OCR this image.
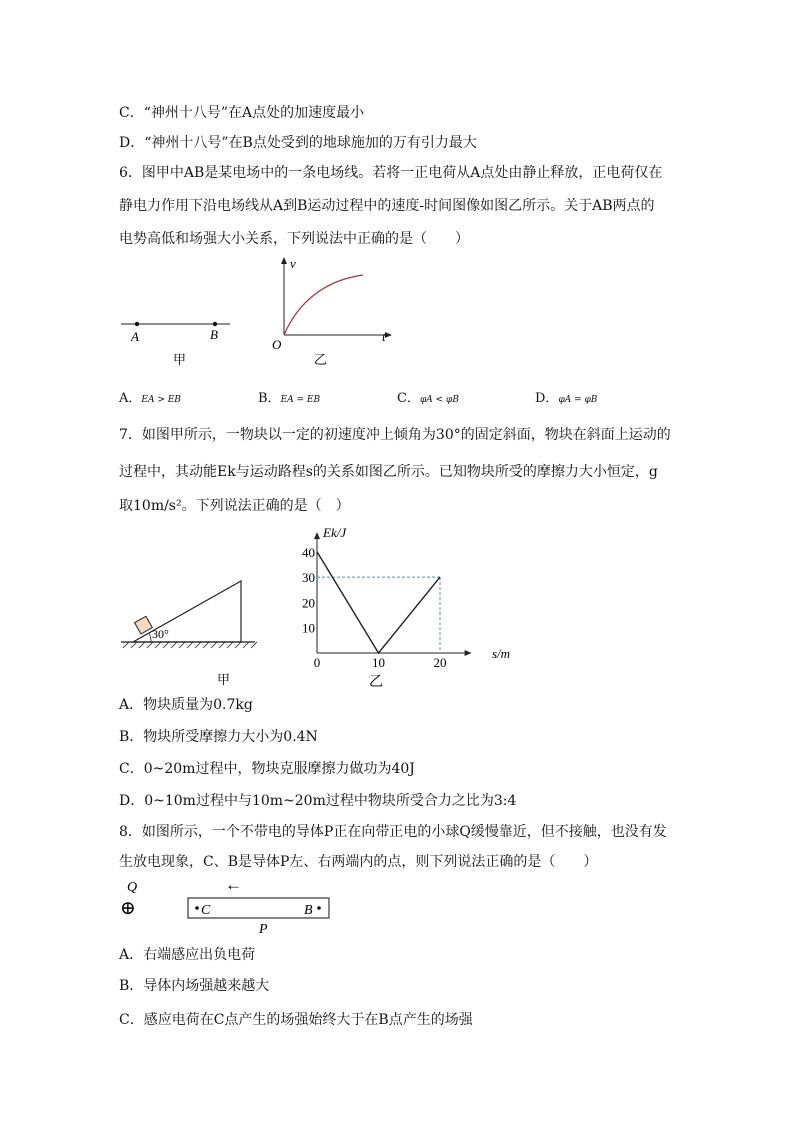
C．“神州十八号”在A点处的加速度最小
D．“神州十八号”在B点处受到的地球施加的万有引力最大
6．图甲中AB是某电场中的一条电场线。若将一正电荷从A点处由静止释放，正电荷仅在
静电力作用下沿电场线从A到B运动过程中的速度-时间图像如图乙所示。关于AB两点的
电势高低和场强大小关系，下列说法中正确的是（　　）
A	B
甲
v
t
O
乙
A．EA > EB	B．EA = EB	C．φA < φB	D．φA = φB
7．如图甲所示，一物块以一定的初速度冲上倾角为30°的固定斜面，物块在斜面上运动的
过程中，其动能Ek与运动路程s的关系如图乙所示。已知物块所受的摩擦力大小恒定，g
取10m/s²。下列说法正确的是（　）
30°
甲
0	10	20
10
20
30
40
Ek/J
s/m
乙
A．物块质量为0.7kg
B．物块所受摩擦力大小为0.4N
C．0~20m过程中，物块克服摩擦力做功为40J
D．0~10m过程中与10m~20m过程中物块所受合力之比为3:4
8．如图所示，一个不带电的导体P正在向带正电的小球Q缓慢靠近，但不接触，也没有发
生放电现象，C、B是导体P左、右两端内的点，则下列说法正确的是（　　）
Q
⊕
←
C	B
P
A．右端感应出负电荷
B．导体内场强越来越大
C．感应电荷在C点产生的场强始终大于在B点产生的场强
